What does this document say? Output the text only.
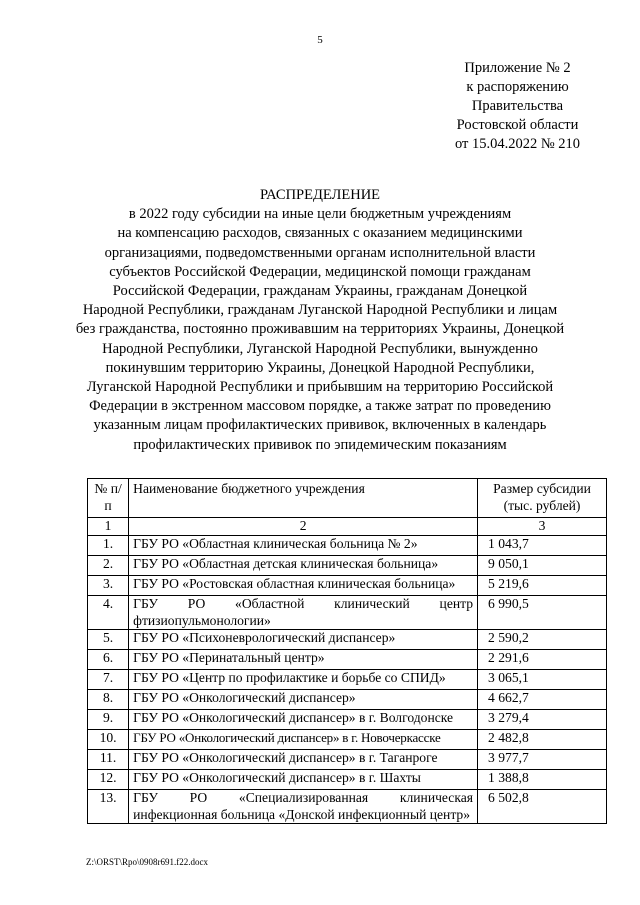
5
Приложение № 2
к распоряжению
Правительства
Ростовской области
от 15.04.2022 № 210
РАСПРЕДЕЛЕНИЕ
в 2022 году субсидии на иные цели бюджетным учреждениям
на компенсацию расходов, связанных с оказанием медицинскими
организациями, подведомственными органам исполнительной власти
субъектов Российской Федерации, медицинской помощи гражданам
Российской Федерации, гражданам Украины, гражданам Донецкой
Народной Республики, гражданам Луганской Народной Республики и лицам
без гражданства, постоянно проживавшим на территориях Украины, Донецкой
Народной Республики, Луганской Народной Республики, вынужденно
покинувшим территорию Украины, Донецкой Народной Республики,
Луганской Народной Республики и прибывшим на территорию Российской
Федерации в экстренном массовом порядке, а также затрат по проведению
указанным лицам профилактических прививок, включенных в календарь
профилактических прививок по эпидемическим показаниям
№ п/п	Наименование бюджетного учреждения	Размер субсидии (тыс. рублей)
1	2	3
1.	ГБУ РО «Областная клиническая больница № 2»	1 043,7
2.	ГБУ РО «Областная детская клиническая больница»	9 050,1
3.	ГБУ РО «Ростовская областная клиническая больница»	5 219,6
4.	ГБУ РО «Областной клинический центр фтизиопульмонологии»	6 990,5
5.	ГБУ РО «Психоневрологический диспансер»	2 590,2
6.	ГБУ РО «Перинатальный центр»	2 291,6
7.	ГБУ РО «Центр по профилактике и борьбе со СПИД»	3 065,1
8.	ГБУ РО «Онкологический диспансер»	4 662,7
9.	ГБУ РО «Онкологический диспансер» в г. Волгодонске	3 279,4
10.	ГБУ РО «Онкологический диспансер» в г. Новочеркасске	2 482,8
11.	ГБУ РО «Онкологический диспансер» в г. Таганроге	3 977,7
12.	ГБУ РО «Онкологический диспансер» в г. Шахты	1 388,8
13.	ГБУ РО «Специализированная клиническая инфекционная больница «Донской инфекционный центр»	6 502,8
Z:\ORST\Rpo\0908r691.f22.docx
